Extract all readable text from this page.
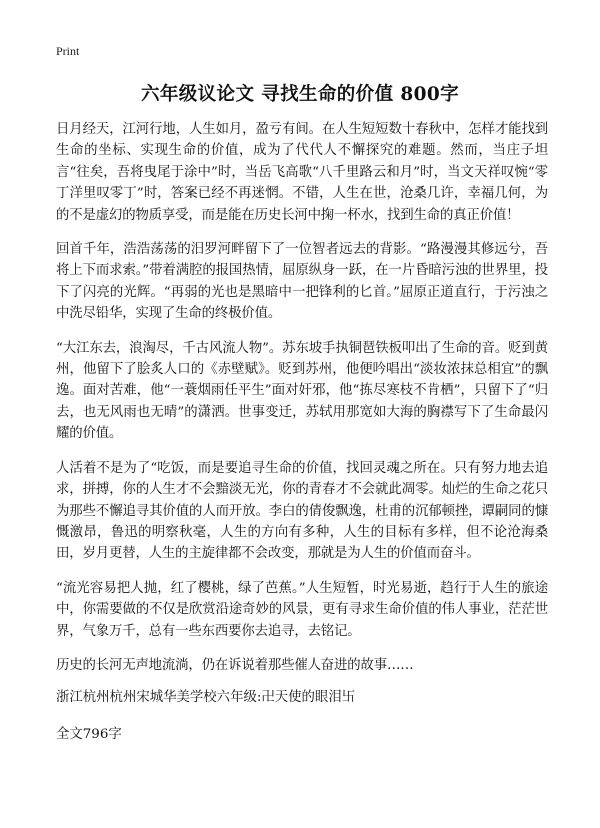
Print
六年级议论文 寻找生命的价值 800字

日月经天，江河行地，人生如月，盈亏有间。在人生短短数十春秋中，怎样才能找到生命的坐标、实现生命的价值，成为了代代人不懈探究的难题。然而，当庄子坦言“往矣，吾将曳尾于涂中”时，当岳飞高歌“八千里路云和月”时，当文天祥叹惋“零丁洋里叹零丁”时，答案已经不再迷惘。不错，人生在世，沧桑几许，幸福几何，为的不是虚幻的物质享受，而是能在历史长河中掬一杯水，找到生命的真正价值！

回首千年，浩浩荡荡的汨罗河畔留下了一位智者远去的背影。“路漫漫其修远兮，吾将上下而求索。”带着满腔的报国热情，屈原纵身一跃，在一片昏暗污浊的世界里，投下了闪亮的光辉。“再弱的光也是黑暗中一把锋利的匕首。”屈原正道直行，于污浊之中洗尽铅华，实现了生命的终极价值。

“大江东去，浪淘尽，千古风流人物”。苏东坡手执铜琶铁板叩出了生命的音。贬到黄州，他留下了脍炙人口的《赤壁赋》。贬到苏州，他便吟唱出“淡妆浓抹总相宜”的飘逸。面对苦难，他“一蓑烟雨任平生”面对奸邪，他“拣尽寒枝不肯栖”，只留下了“归去，也无风雨也无晴”的潇洒。世事变迁，苏轼用那宽如大海的胸襟写下了生命最闪耀的价值。

人活着不是为了“吃饭，而是要追寻生命的价值，找回灵魂之所在。只有努力地去追求，拼搏，你的人生才不会黯淡无光，你的青春才不会就此凋零。灿烂的生命之花只为那些不懈追寻其价值的人而开放。李白的倩俊飘逸，杜甫的沉郁顿挫，谭嗣同的慷慨激昂，鲁迅的明察秋毫，人生的方向有多种，人生的目标有多样，但不论沧海桑田，岁月更替，人生的主旋律都不会改变，那就是为人生的价值而奋斗。

“流光容易把人抛，红了樱桃，绿了芭蕉。”人生短暂，时光易逝，趋行于人生的旅途中，你需要做的不仅是欣赏沿途奇妙的风景，更有寻求生命价值的伟人事业，茫茫世界，气象万千，总有一些东西要你去追寻，去铭记。

历史的长河无声地流淌，仍在诉说着那些催人奋进的故事……

浙江杭州杭州宋城华美学校六年级:卍天使的眼泪卐

全文796字
